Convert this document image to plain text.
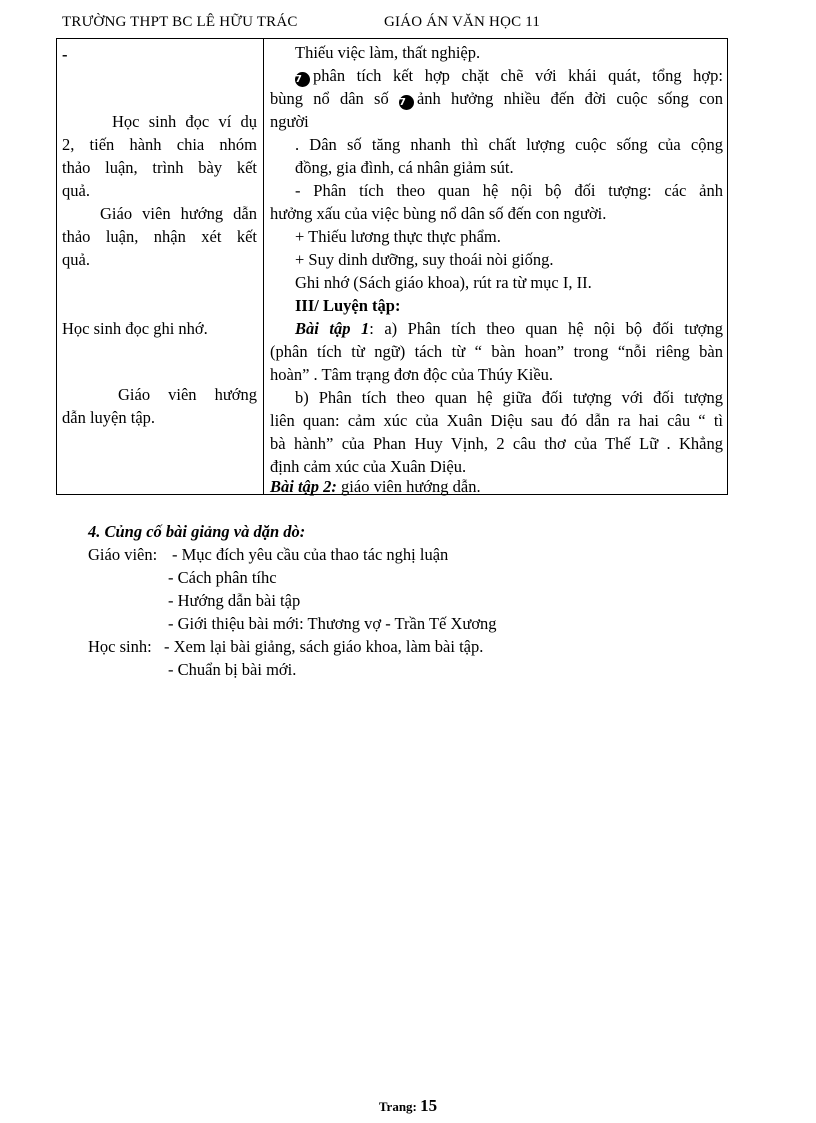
TRƯỜNG THPT BC LÊ HỮU TRÁC	GIÁO ÁN VĂN HỌC 11
-
Học sinh đọc ví dụ
2, tiến hành chia nhóm
thảo luận, trình bày kết
quả.
Giáo viên hướng dẫn
thảo luận, nhận xét kết
quả.
Học sinh đọc ghi nhớ.
Giáo viên hướng
dẫn luyện tập.
Thiếu việc làm, thất nghiệp.
7 phân tích kết hợp chặt chẽ với khái quát, tổng hợp:
bùng nổ dân số 7 ảnh hưởng nhiều đến đời cuộc sống con
người
. Dân số tăng nhanh thì chất lượng cuộc sống của cộng
đồng, gia đình, cá nhân giảm sút.
- Phân tích theo quan hệ nội bộ đối tượng: các ảnh
hưởng xấu của việc bùng nổ dân số đến con người.
+ Thiếu lương thực thực phẩm.
+ Suy dinh dưỡng, suy thoái nòi giống.
Ghi nhớ (Sách giáo khoa), rút ra từ mục I, II.
III/ Luyện tập:
Bài tập 1: a) Phân tích theo quan hệ nội bộ đối tượng
(phân tích từ ngữ) tách từ “ bàn hoan” trong “nỗi riêng bàn
hoàn” . Tâm trạng đơn độc của Thúy Kiều.
b) Phân tích theo quan hệ giữa đối tượng với đối tượng
liên quan: cảm xúc của Xuân Diệu sau đó dẫn ra hai câu “ tì
bà hành” của Phan Huy Vịnh, 2 câu thơ của Thế Lữ . Khẳng
định cảm xúc của Xuân Diệu.
Bài tập 2: giáo viên hướng dẫn.
4. Củng cố bài giảng và dặn dò:
Giáo viên: - Mục đích yêu cầu của thao tác nghị luận
- Cách phân tíhc
- Hướng dẫn bài tập
- Giới thiệu bài mới: Thương vợ - Trần Tế Xương
Học sinh: - Xem lại bài giảng, sách giáo khoa, làm bài tập.
- Chuẩn bị bài mới.
Trang: 15
